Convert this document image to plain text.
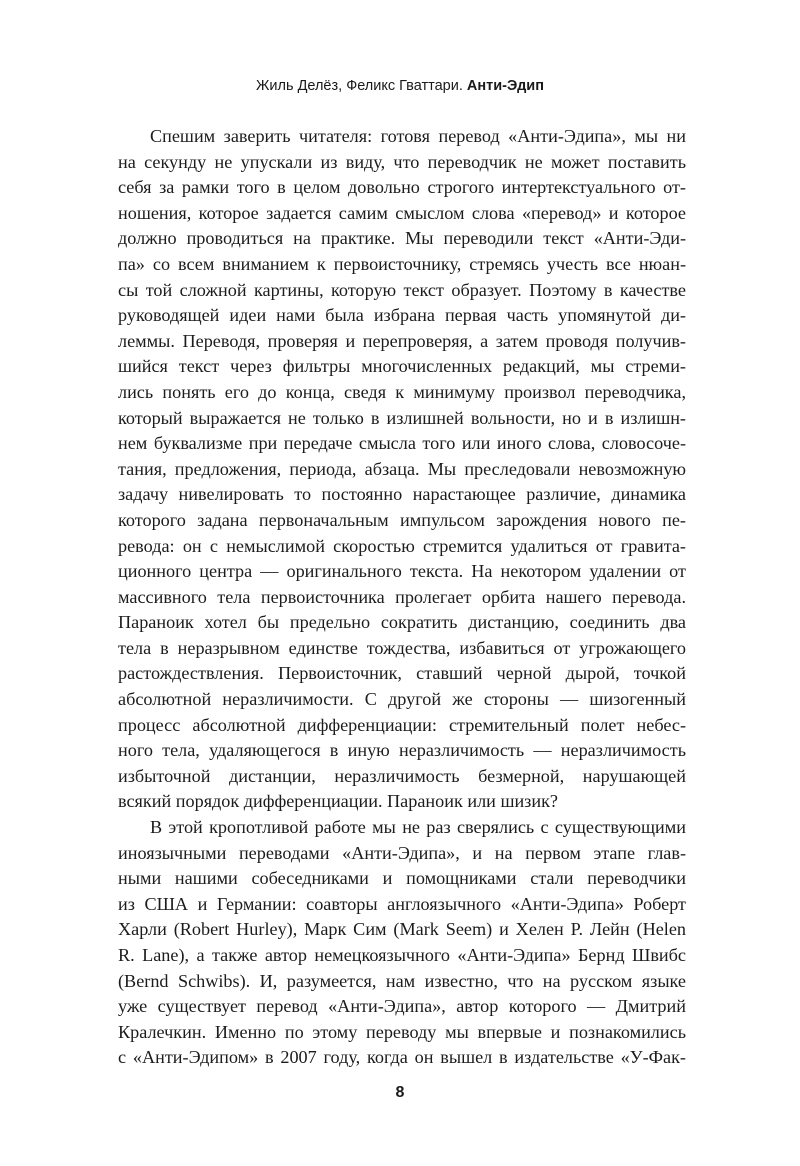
Жиль Делёз, Феликс Гваттари. Анти-Эдип
Спешим заверить читателя: готовя перевод «Анти-Эдипа», мы ни
на секунду не упускали из виду, что переводчик не может поставить
себя за рамки того в целом довольно строгого интертекстуального от-
ношения, которое задается самим смыслом слова «перевод» и которое
должно проводиться на практике. Мы переводили текст «Анти-Эди-
па» со всем вниманием к первоисточнику, стремясь учесть все нюан-
сы той сложной картины, которую текст образует. Поэтому в качестве
руководящей идеи нами была избрана первая часть упомянутой ди-
леммы. Переводя, проверяя и перепроверяя, а затем проводя получив-
шийся текст через фильтры многочисленных редакций, мы стреми-
лись понять его до конца, сведя к минимуму произвол переводчика,
который выражается не только в излишней вольности, но и в излишн-
нем буквализме при передаче смысла того или иного слова, словосоче-
тания, предложения, периода, абзаца. Мы преследовали невозможную
задачу нивелировать то постоянно нарастающее различие, динамика
которого задана первоначальным импульсом зарождения нового пе-
ревода: он с немыслимой скоростью стремится удалиться от гравита-
ционного центра — оригинального текста. На некотором удалении от
массивного тела первоисточника пролегает орбита нашего перевода.
Параноик хотел бы предельно сократить дистанцию, соединить два
тела в неразрывном единстве тождества, избавиться от угрожающего
растождествления. Первоисточник, ставший черной дырой, точкой
абсолютной неразличимости. С другой же стороны — шизогенный
процесс абсолютной дифференциации: стремительный полет небес-
ного тела, удаляющегося в иную неразличимость — неразличимость
избыточной дистанции, неразличимость безмерной, нарушающей
всякий порядок дифференциации. Параноик или шизик?
В этой кропотливой работе мы не раз сверялись с существующими
иноязычными переводами «Анти-Эдипа», и на первом этапе глав-
ными нашими собеседниками и помощниками стали переводчики
из США и Германии: соавторы англоязычного «Анти-Эдипа» Роберт
Харли (Robert Hurley), Марк Сим (Mark Seem) и Хелен Р. Лейн (Helen
R. Lane), а также автор немецкоязычного «Анти-Эдипа» Бернд Швибс
(Bernd Schwibs). И, разумеется, нам известно, что на русском языке
уже существует перевод «Анти-Эдипа», автор которого — Дмитрий
Кралечкин. Именно по этому переводу мы впервые и познакомились
с «Анти-Эдипом» в 2007 году, когда он вышел в издательстве «У-Фак-
8
